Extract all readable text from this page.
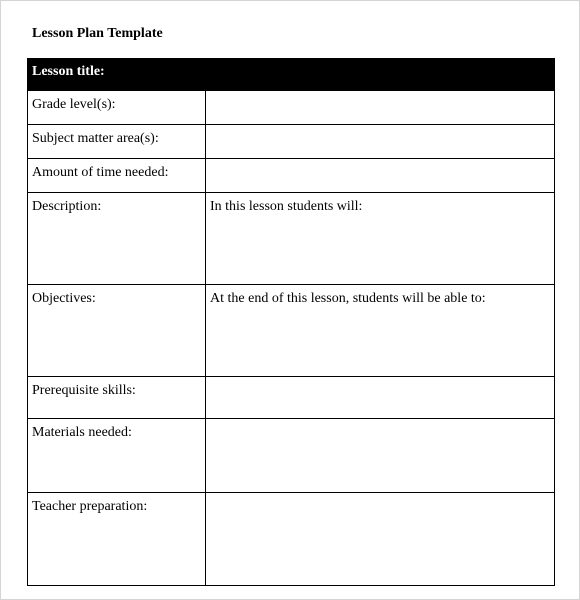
Lesson Plan Template
Lesson title:	
Grade level(s):	
Subject matter area(s):	
Amount of time needed:	
Description:	In this lesson students will:
Objectives:	At the end of this lesson, students will be able to:
Prerequisite skills:	
Materials needed:	
Teacher preparation:	
